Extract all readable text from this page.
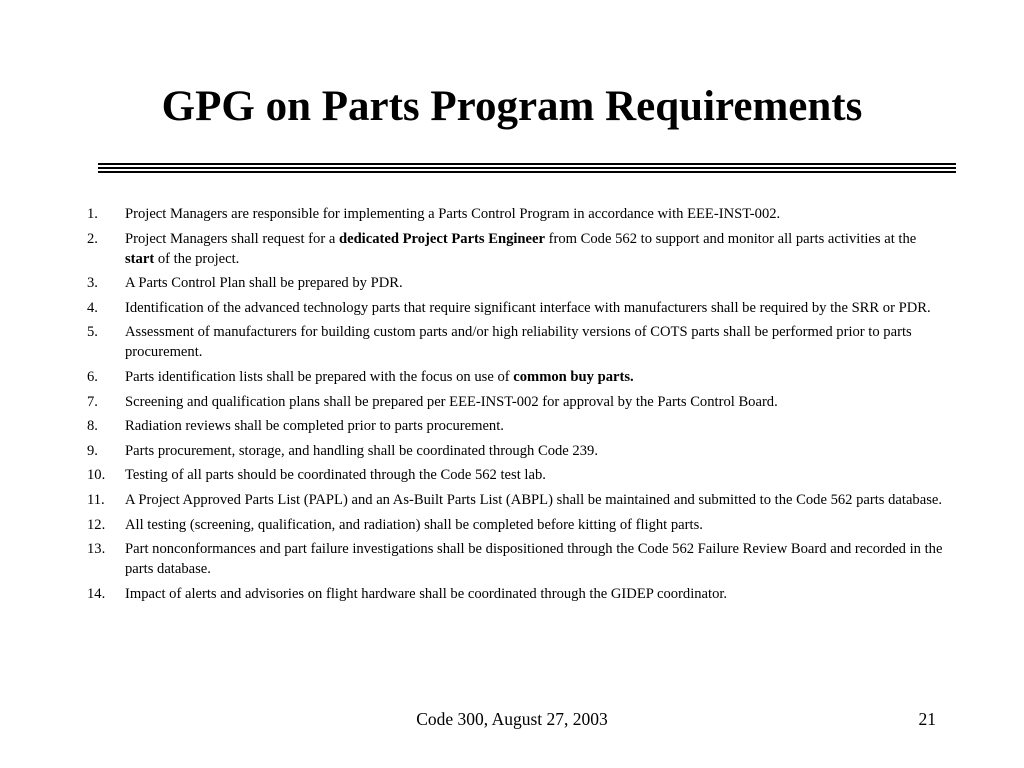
GPG on Parts Program Requirements
1.	Project Managers are responsible for implementing a Parts Control Program in accordance with EEE-INST-002.
2.	Project Managers shall request for a dedicated Project Parts Engineer from Code 562 to support and monitor all parts activities at the start of the project.
3.	A Parts Control Plan shall be prepared by PDR.
4.	Identification of the advanced technology parts that require significant interface with manufacturers shall be required by the SRR or PDR.
5.	Assessment of manufacturers for building custom parts and/or high reliability versions of COTS parts shall be performed prior to parts procurement.
6.	Parts identification lists shall be prepared with the focus on use of common buy parts.
7.	Screening and qualification plans shall be prepared per EEE-INST-002 for approval by the Parts Control Board.
8.	Radiation reviews shall be completed prior to parts procurement.
9.	Parts procurement, storage, and handling shall be coordinated through Code 239.
10.	Testing of all parts should be coordinated through the Code 562 test lab.
11.	A Project Approved Parts List (PAPL) and an As-Built Parts List (ABPL) shall be maintained and submitted to the Code 562 parts database.
12.	All testing (screening, qualification, and radiation) shall be completed before kitting of flight parts.
13.	Part nonconformances and part failure investigations shall be dispositioned through the Code 562 Failure Review Board and recorded in the parts database.
14.	Impact of alerts and advisories on flight hardware shall be coordinated through the GIDEP coordinator.
Code 300, August 27, 2003	21
